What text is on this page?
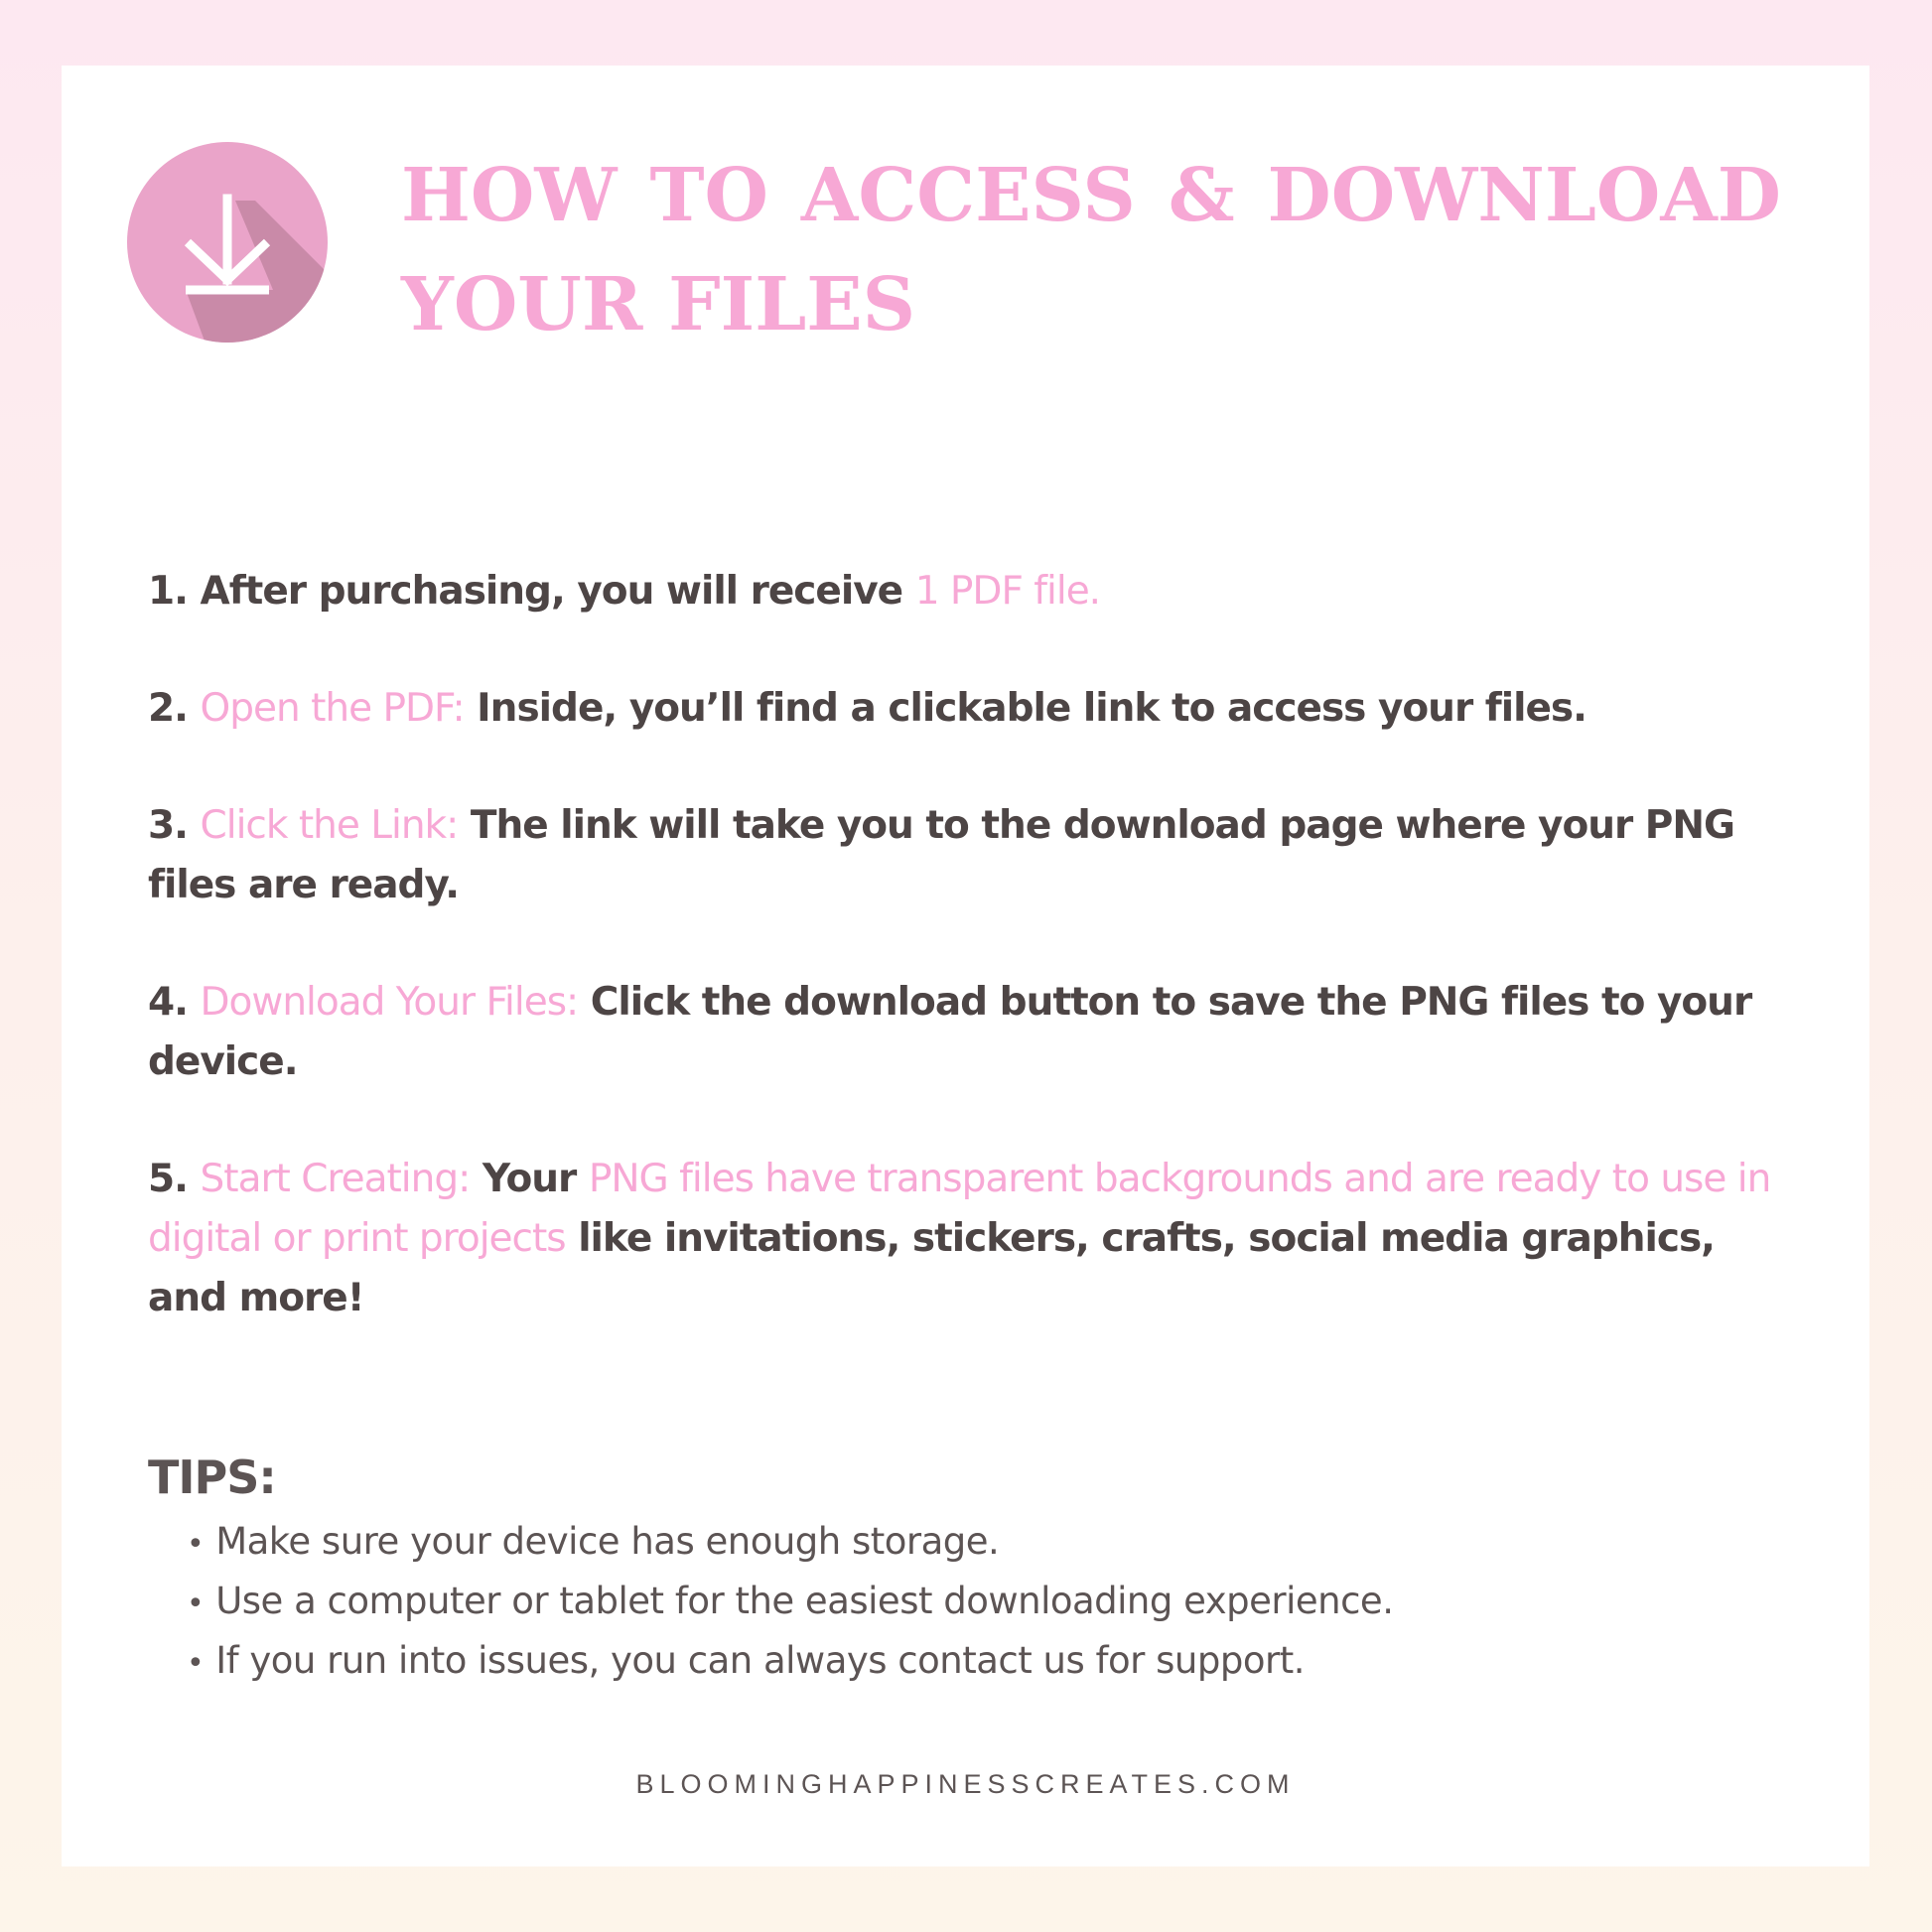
HOW TO ACCESS & DOWNLOAD
YOUR FILES

1. After purchasing, you will receive 1 PDF file.

2. Open the PDF: Inside, you’ll find a clickable link to access your files.

3. Click the Link: The link will take you to the download page where your PNG files are ready.

4. Download Your Files: Click the download button to save the PNG files to your device.

5. Start Creating: Your PNG files have transparent backgrounds and are ready to use in digital or print projects like invitations, stickers, crafts, social media graphics, and more!

TIPS:
• Make sure your device has enough storage.
• Use a computer or tablet for the easiest downloading experience.
• If you run into issues, you can always contact us for support.
BLOOMINGHAPPINESSCREATES.COM
